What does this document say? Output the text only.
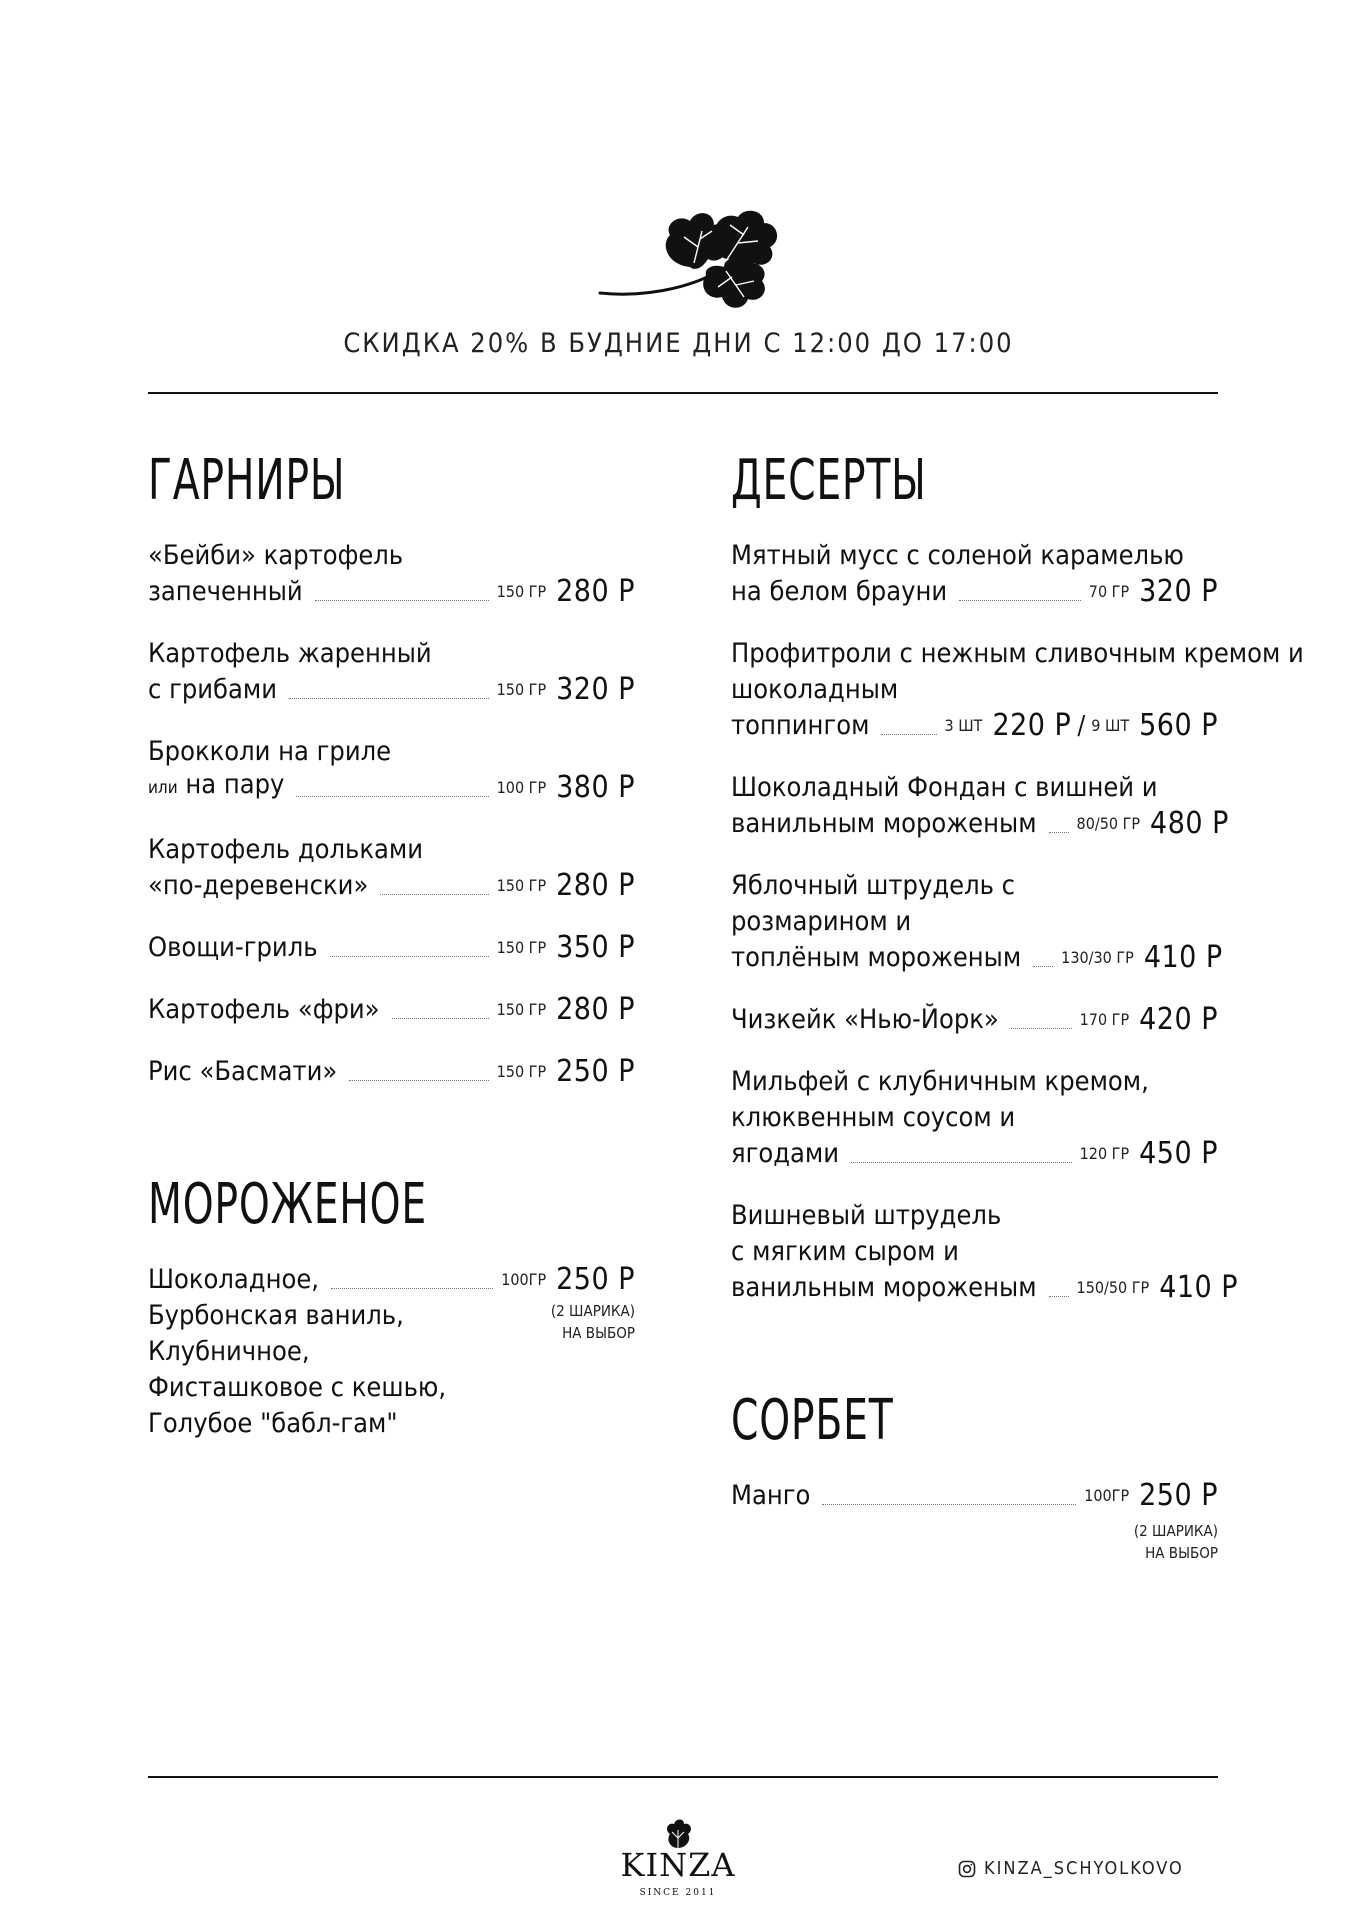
СКИДКА 20% В БУДНИЕ ДНИ С 12:00 ДО 17:00
ГАРНИРЫ
«Бейби» картофель
запеченный	150 ГР 280 Р
Картофель жаренный
с грибами	150 ГР 320 Р
Брокколи на гриле
или на пару	100 ГР 380 Р
Картофель дольками
«по-деревенски»	150 ГР 280 Р
Овощи-гриль	150 ГР 350 Р
Картофель «фри»	150 ГР 280 Р
Рис «Басмати»	150 ГР 250 Р
МОРОЖЕНОЕ
Шоколадное,	100ГР 250 Р
(2 ШАРИКА)
НА ВЫБОР
Бурбонская ваниль,
Клубничное,
Фисташковое с кешью,
Голубое "бабл-гам"
ДЕСЕРТЫ
Мятный мусс с соленой карамелью
на белом брауни	70 ГР 320 Р
Профитроли с нежным сливочным кремом и
шоколадным
топпингом	3 ШТ 220 Р / 9 ШТ 560 Р
Шоколадный Фондан с вишней и
ванильным мороженым	80/50 ГР 480 Р
Яблочный штрудель с
розмарином и
топлёным мороженым	130/30 ГР 410 Р
Чизкейк «Нью-Йорк»	170 ГР 420 Р
Мильфей с клубничным кремом,
клюквенным соусом и
ягодами	120 ГР 450 Р
Вишневый штрудель
с мягким сыром и
ванильным мороженым	150/50 ГР 410 Р
СОРБЕТ
Манго	100ГР 250 Р
(2 ШАРИКА)
НА ВЫБОР
KINZA
SINCE 2011
KINZA_SCHYOLKOVO
